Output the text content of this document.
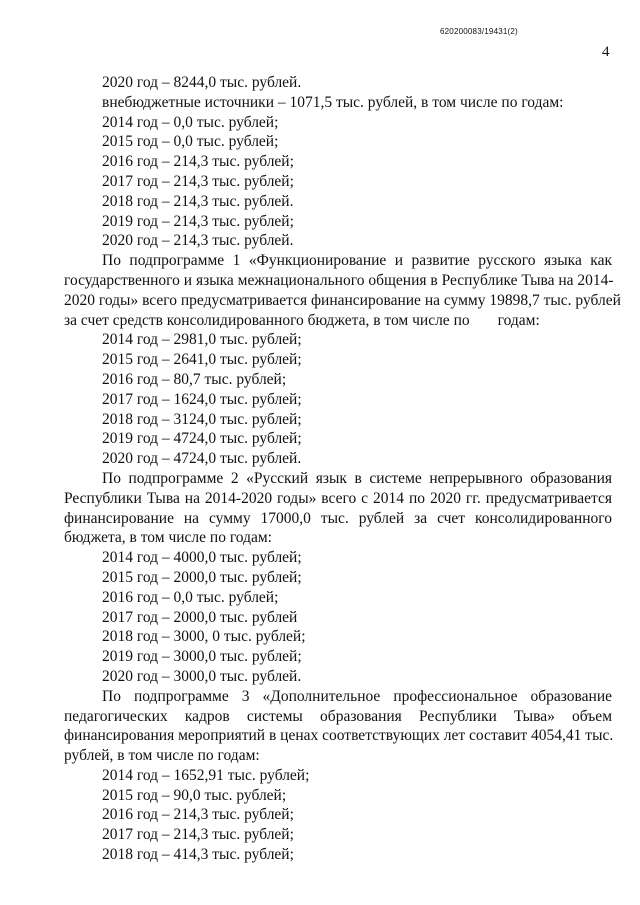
620200083/19431(2)
4
2020 год – 8244,0 тыс. рублей.
внебюджетные источники – 1071,5 тыс. рублей, в том числе по годам:
2014 год – 0,0 тыс. рублей;
2015 год – 0,0 тыс. рублей;
2016 год – 214,3 тыс. рублей;
2017 год – 214,3 тыс. рублей;
2018 год – 214,3 тыс. рублей.
2019 год – 214,3 тыс. рублей;
2020 год – 214,3 тыс. рублей.
По подпрограмме 1 «Функционирование и развитие русского языка как
государственного и языка межнационального общения в Республике Тыва на 2014-
2020 годы» всего предусматривается финансирование на сумму 19898,7 тыс. рублей
за счет средств консолидированного бюджета, в том числе по годам:
2014 год – 2981,0 тыс. рублей;
2015 год – 2641,0 тыс. рублей;
2016 год – 80,7 тыс. рублей;
2017 год – 1624,0 тыс. рублей;
2018 год – 3124,0 тыс. рублей;
2019 год – 4724,0 тыс. рублей;
2020 год – 4724,0 тыс. рублей.
По подпрограмме 2 «Русский язык в системе непрерывного образования
Республики Тыва на 2014-2020 годы» всего с 2014 по 2020 гг. предусматривается
финансирование на сумму 17000,0 тыс. рублей за счет консолидированного
бюджета, в том числе по годам:
2014 год – 4000,0 тыс. рублей;
2015 год – 2000,0 тыс. рублей;
2016 год – 0,0 тыс. рублей;
2017 год – 2000,0 тыс. рублей
2018 год – 3000, 0 тыс. рублей;
2019 год – 3000,0 тыс. рублей;
2020 год – 3000,0 тыс. рублей.
По подпрограмме 3 «Дополнительное профессиональное образование
педагогических кадров системы образования Республики Тыва» объем
финансирования мероприятий в ценах соответствующих лет составит 4054,41 тыс.
рублей, в том числе по годам:
2014 год – 1652,91 тыс. рублей;
2015 год – 90,0 тыс. рублей;
2016 год – 214,3 тыс. рублей;
2017 год – 214,3 тыс. рублей;
2018 год – 414,3 тыс. рублей;
